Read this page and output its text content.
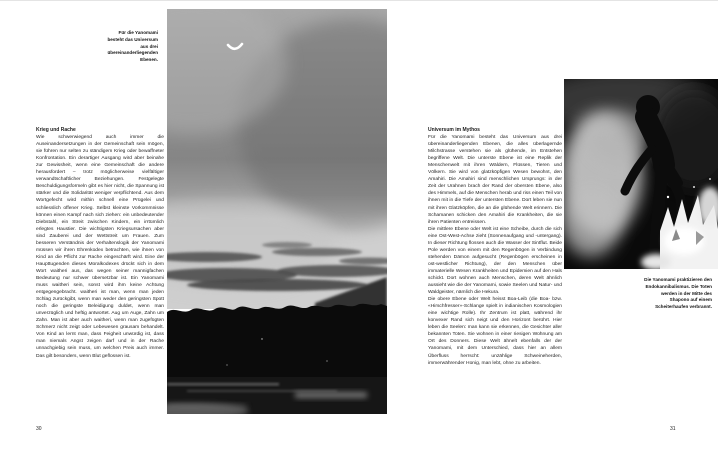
Für die Yanomami besteht das Universum aus drei übereinanderliegenden Ebenen.
Krieg und Rache

Wie schwerwiegend auch immer die Auseinandersetzungen in der Gemeinschaft sein mögen, sie führen nur selten zu ständigem Krieg oder bewaffneter Konfrontation. Ein derartiger Ausgang wird aber beinahe zur Gewissheit, wenn eine Gemeinschaft die andere herausfordert – trotz möglicherweise vielfältiger verwandtschaftlicher Beziehungen. Festgelegte Beschuldigungsformeln gibt es hier nicht, die Spannung ist stärker und die Solidarität weniger verpflichtend. Aus dem Wortgefecht wird mithin schnell eine Prügelei und schliesslich offener Krieg. Selbst kleinste Vorkommnisse können einen Kampf nach sich ziehen: ein unbedeutender Diebstahl, ein Streit zwischen Kindern, ein irrtümlich erlegtes Haustier. Die wichtigsten Kriegsursachen aber sind Zauberei und der Wettstreit um Frauen. Zum besseren Verständnis der Verhaltenslogik der Yanomami müssen wir ihren Ehrenkodex betrachten, wie ihnen von Kind an die Pflicht zur Rache eingeschärft wird. Eine der Haupttugenden dieses Moralkodexes drückt sich in dem Wort waitheri aus, das wegen seiner mannigfachen Bedeutung nur schwer übersetzbar ist. Ein Yanomami muss waitheri sein, sonst wird ihm keine Achtung entgegengebracht. waitheri ist man, wenn man jeden Schlag zurückgibt, wenn man weder den geringsten Spott noch die geringste Beleidigung duldet, wenn man unverzüglich und heftig antwortet. Aug um Auge, Zahn um Zahn. Man ist aber auch waitheri, wenn man zugefügten Schmerz nicht zeigt oder Lebewesen grausam behandelt. Von Kind an lernt man, dass Feigheit unwürdig ist, dass man niemals Angst zeigen darf und in der Rache unnachgiebig sein muss, um welchen Preis auch immer. Das gilt besonders, wenn Blut geflossen ist.

Universum im Mythos

Für die Yanomami besteht das Universum aus drei übereinanderliegenden Ebenen, die alles überlagernde Milchstrasse verstehen sie als glühende, im Entstehen begriffene Welt. Die unterste Ebene ist eine Replik der Menschenwelt mit ihren Wäldern, Flüssen, Tieren und Völkern. Sie wird von glatzköpfigen Wesen bewohnt, den Amahiri. Die Amahiri sind menschlichen Ursprungs: in der Zeit der Urahnen brach der Rand der obersten Ebene, also des Himmels, auf die Menschen herab und riss einen Teil von ihnen mit in die Tiefe der untersten Ebene. Dort leben sie nun mit ihren Glatzköpfen, die an die glühende Welt erinnern. Die Schamanen schicken den Amahiri die Krankheiten, die sie ihren Patienten entreissen.

Die mittlere Ebene oder Welt ist eine Scheibe, durch die sich eine Ost-West-Achse zieht (Sonnenaufgang und -untergang). In dieser Richtung flossen auch die Wasser der Sintflut. Beide Pole werden von einem mit den Regenbögen in Verbindung stehenden Dämon aufgesucht (Regenbögen erscheinen in ost-westlicher Richtung), der den Menschen über immaterielle Wesen Krankheiten und Epidemien auf den Hals schickt. Dort wohnen auch Menschen, deren Welt ähnlich aussieht wie die der Yanomami, sowie Seelen und Natur- und Waldgeister, nämlich die Hekura.

Die obere Ebene oder Welt heisst Boa-Leib (die Boa- bzw. «Hirschfresser»-Schlange spielt in indianischen Kosmologien eine wichtige Rolle). Ihr Zentrum ist platt, während ihr konvexer Rand sich neigt und den Horizont berührt. Hier leben die Seelen: man kann sie erkennen, die Gesichter aller bekannten Toten. Sie wohnen in einer riesigen Wohnung am Ort des Donners. Diese Welt ähnelt ebenfalls der der Yanomami, mit dem Unterschied, dass hier an allem Überfluss herrscht: unzählige Schweineherden, immerwährender Honig, man lebt, ohne zu arbeiten.

Die Yanomami praktizieren den Endokannibalismus. Die Toten werden in der Mitte des Shapono auf einem Scheiterhaufen verbrannt.
30	31
